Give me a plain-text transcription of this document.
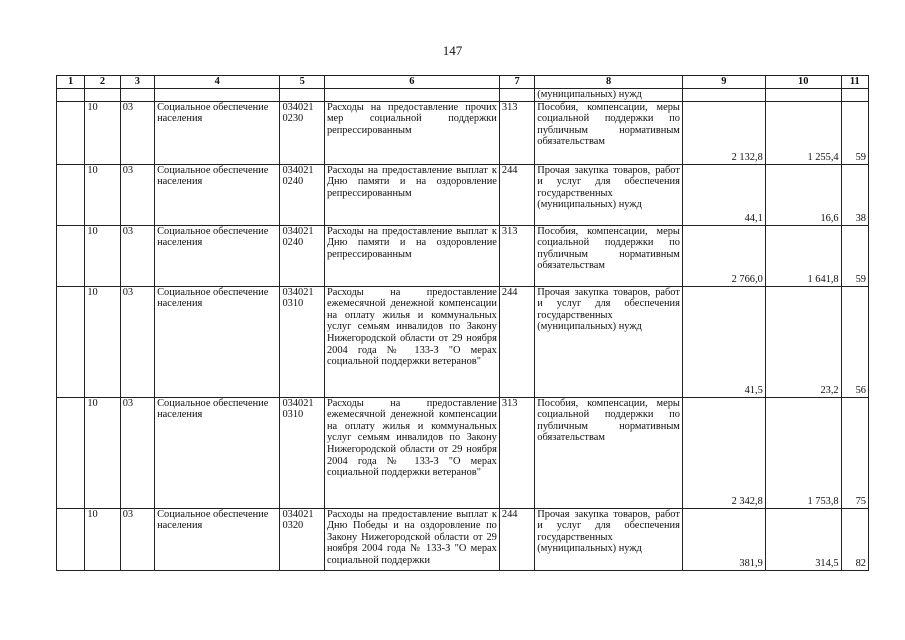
147
1	2	3	4	5	6	7	8	9	10	11
							(муниципальных) нужд			
	10	03	Социальное обеспечение населения	034021 0230	Расходы на предоставление прочих мер социальной поддержки репрессированным	313	Пособия, компенсации, меры социальной поддержки по публичным нормативным обязательствам	2 132,8	1 255,4	59
	10	03	Социальное обеспечение населения	034021 0240	Расходы на предоставление выплат к Дню памяти и на оздоровление репрессированным	244	Прочая закупка товаров, работ и услуг для обеспечения государственных (муниципальных) нужд	44,1	16,6	38
	10	03	Социальное обеспечение населения	034021 0240	Расходы на предоставление выплат к Дню памяти и на оздоровление репрессированным	313	Пособия, компенсации, меры социальной поддержки по публичным нормативным обязательствам	2 766,0	1 641,8	59
	10	03	Социальное обеспечение населения	034021 0310	Расходы на предоставление ежемесячной денежной компенсации на оплату жилья и коммунальных услуг семьям инвалидов по Закону Нижегородской области от 29 ноября 2004 года № 133-З "О мерах социальной поддержки ветеранов"	244	Прочая закупка товаров, работ и услуг для обеспечения государственных (муниципальных) нужд	41,5	23,2	56
	10	03	Социальное обеспечение населения	034021 0310	Расходы на предоставление ежемесячной денежной компенсации на оплату жилья и коммунальных услуг семьям инвалидов по Закону Нижегородской области от 29 ноября 2004 года № 133-З "О мерах социальной поддержки ветеранов"	313	Пособия, компенсации, меры социальной поддержки по публичным нормативным обязательствам	2 342,8	1 753,8	75
	10	03	Социальное обеспечение населения	034021 0320	Расходы на предоставление выплат к Дню Победы и на оздоровление по Закону Нижегородской области от 29 ноября 2004 года № 133-З "О мерах социальной поддержки	244	Прочая закупка товаров, работ и услуг для обеспечения государственных (муниципальных) нужд	381,9	314,5	82
